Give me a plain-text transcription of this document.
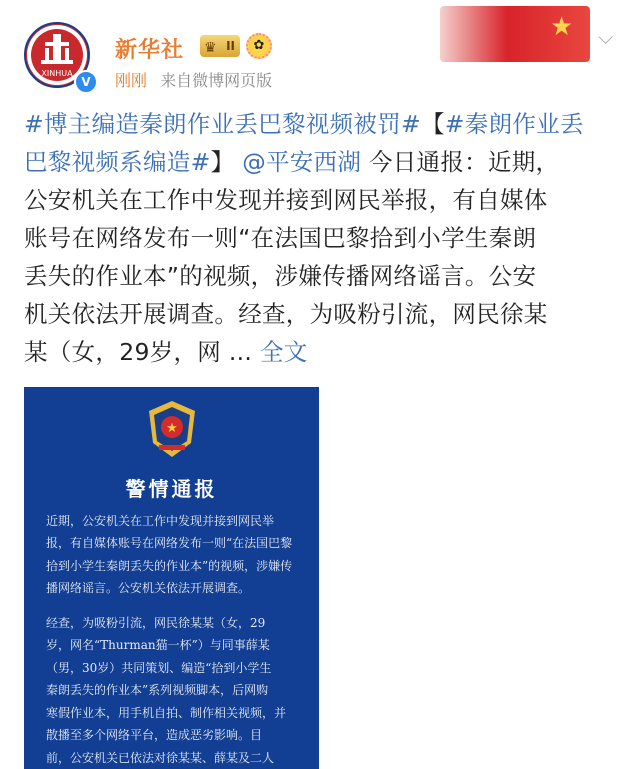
XINHUA
V
新华社 ♛ II	✿
刚刚 来自微博网页版
★ ⌵
#博主编造秦朗作业丢巴黎视频被罚#【#秦朗作业丢
巴黎视频系编造#】 @平安西湖 今日通报：近期，
公安机关在工作中发现并接到网民举报，有自媒体
账号在网络发布一则“在法国巴黎拾到小学生秦朗
丢失的作业本”的视频，涉嫌传播网络谣言。公安
机关依法开展调查。经查，为吸粉引流，网民徐某
某（女，29岁，网 ... 全文
★
警情通报
近期，公安机关在工作中发现并接到网民举
报，有自媒体账号在网络发布一则“在法国巴黎
拾到小学生秦朗丢失的作业本”的视频，涉嫌传
播网络谣言。公安机关依法开展调查。
经查，为吸粉引流，网民徐某某（女，29
岁，网名“Thurman猫一杯”）与同事薛某
（男，30岁）共同策划、编造“拾到小学生
秦朗丢失的作业本”系列视频脚本，后网购
寒假作业本，用手机自拍、制作相关视频，并
散播至多个网络平台，造成恶劣影响。目
前，公安机关已依法对徐某某、薛某及二人
